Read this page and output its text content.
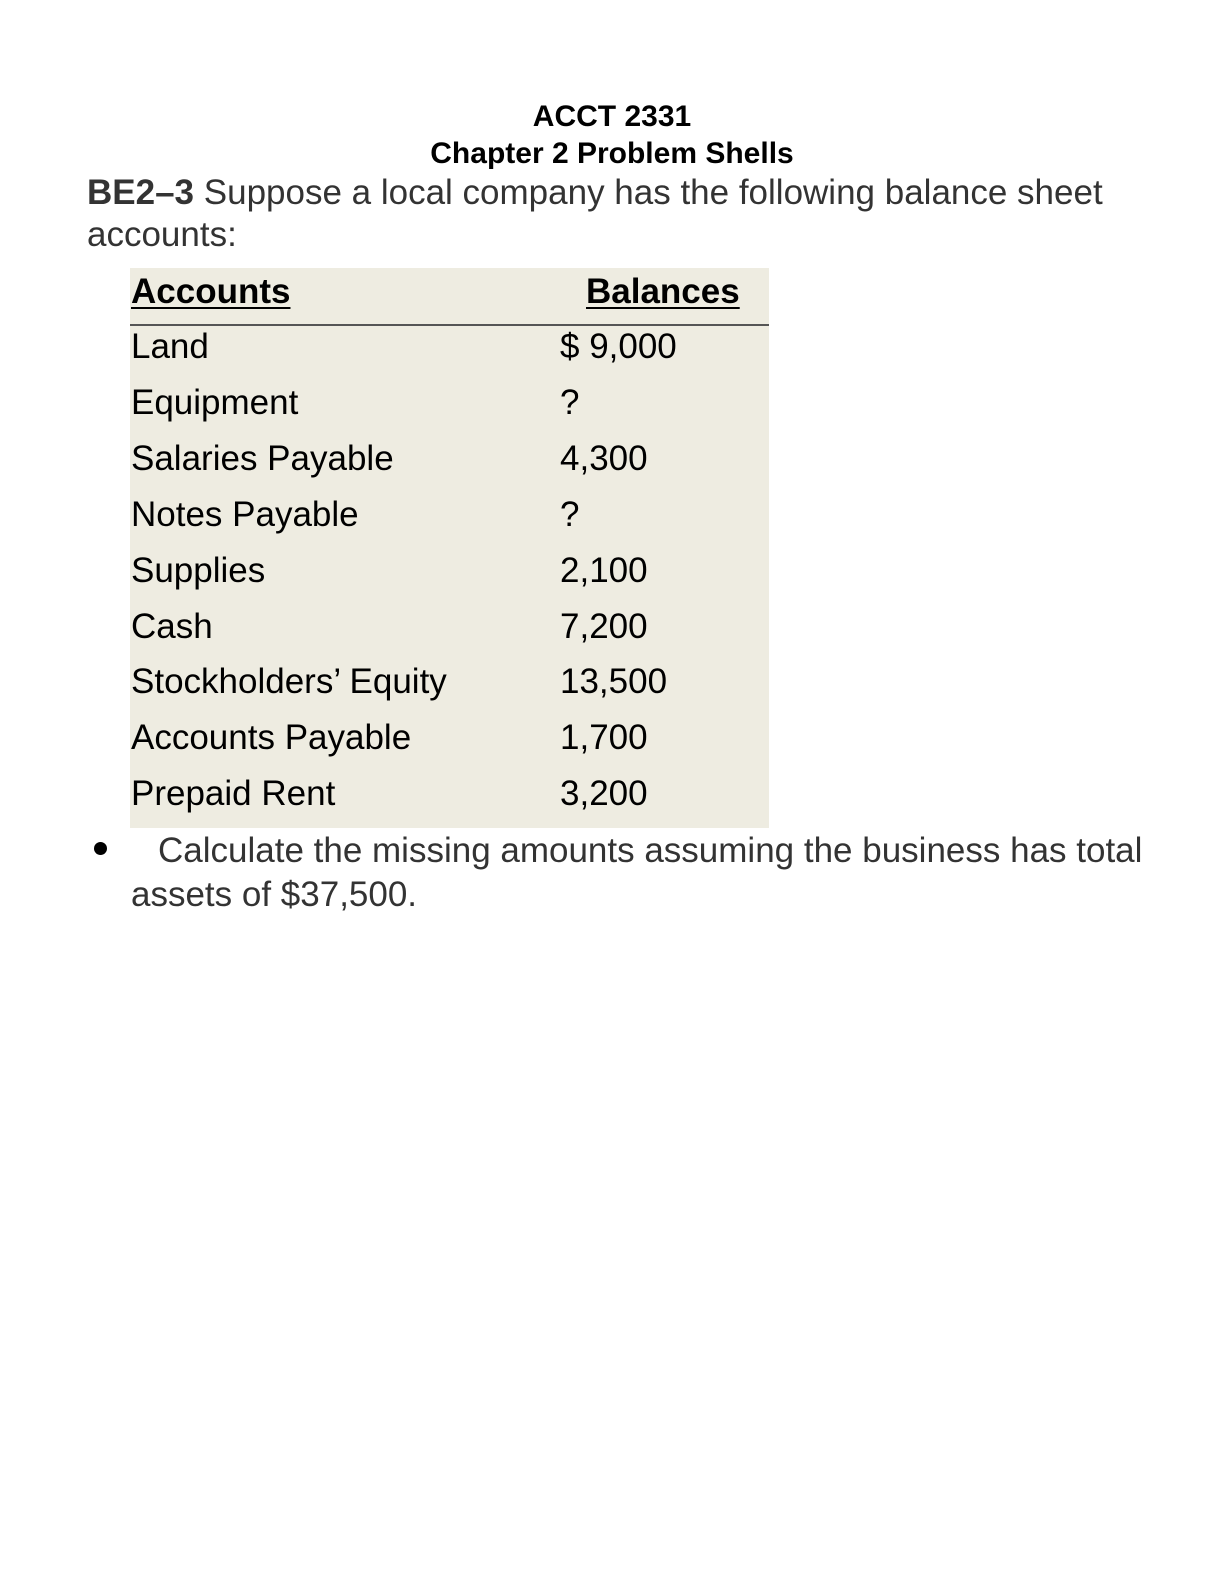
ACCT 2331
Chapter 2 Problem Shells
BE2–3 Suppose a local company has the following balance sheet accounts:
Accounts	Balances
Land	$ 9,000
Equipment	?
Salaries Payable	4,300
Notes Payable	?
Supplies	2,100
Cash	7,200
Stockholders’ Equity	13,500
Accounts Payable	1,700
Prepaid Rent	3,200
Calculate the missing amounts assuming the business has total assets of $37,500.
